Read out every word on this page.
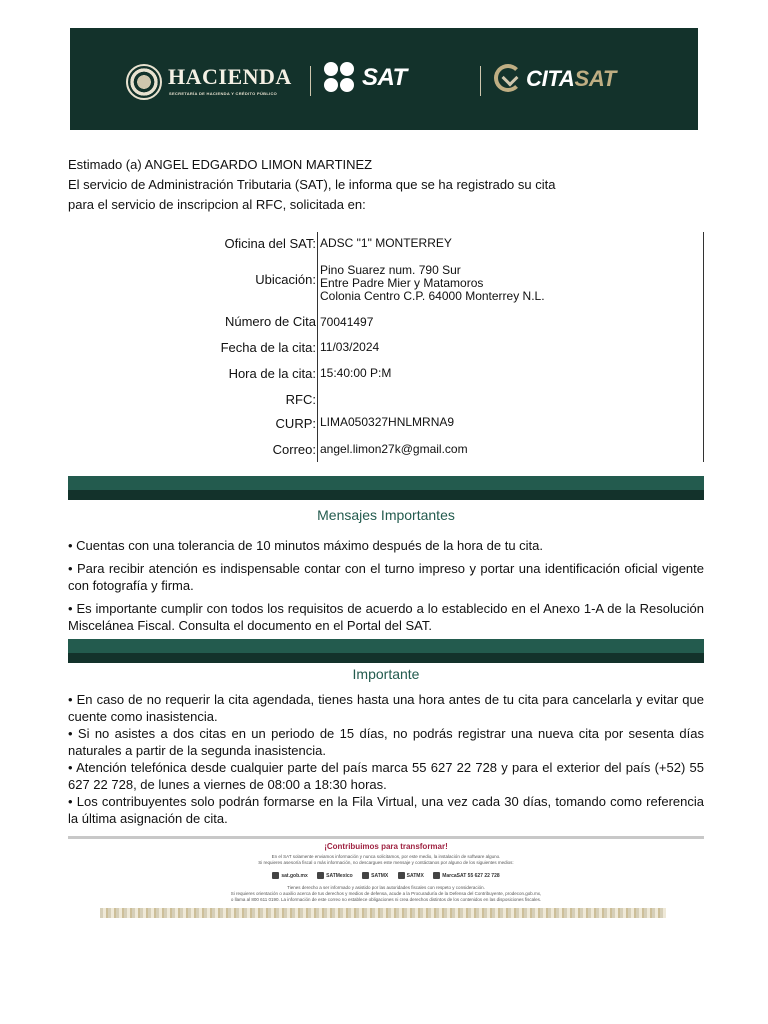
HACIENDA
SECRETARÍA DE HACIENDA Y CRÉDITO PÚBLICO
SAT	CITASAT

Estimado (a) ANGEL EDGARDO LIMON MARTINEZ

El servicio de Administración Tributaria (SAT), le informa que se ha registrado su cita

para el servicio de inscripcion al RFC, solicitada en:

Oficina del SAT: ADSC "1" MONTERREY
Ubicación:
Pino Suarez num. 790 Sur
Entre Padre Mier y Matamoros
Colonia Centro C.P. 64000 Monterrey N.L.
Número de Cita 70041497
Fecha de la cita: 11/03/2024
Hora de la cita: 15:40:00 P:M
RFC:
CURP: LIMA050327HNLMRNA9
Correo: angel.limon27k@gmail.com
Mensajes Importantes

• Cuentas con una tolerancia de 10 minutos máximo después de la hora de tu cita.

• Para recibir atención es indispensable contar con el turno impreso y portar una identificación oficial vigente con fotografía y firma.

• Es importante cumplir con todos los requisitos de acuerdo a lo establecido en el Anexo 1-A de la Resolución Miscelánea Fiscal. Consulta el documento en el Portal del SAT.

Importante

• En caso de no requerir la cita agendada, tienes hasta una hora antes de tu cita para cancelarla y evitar que cuente como inasistencia.

• Si no asistes a dos citas en un periodo de 15 días, no podrás registrar una nueva cita por sesenta días naturales a partir de la segunda inasistencia.

• Atención telefónica desde cualquier parte del país marca 55 627 22 728 y para el exterior del país (+52) 55 627 22 728, de lunes a viernes de 08:00 a 18:30 horas.

• Los contribuyentes solo podrán formarse en la Fila Virtual, una vez cada 30 días, tomando como referencia la última asignación de cita.

¡Contribuimos para transformar!
En el SAT solamente enviamos información y nunca solicitamos, por este medio, la instalación de software alguno.
Si requieres asesoría fiscal o más información, no descargues este mensaje y contáctanos por alguno de los siguientes medios:
sat.gob.mx	SATMexico	SATMX	SATMX	MarcaSAT 55 627 22 728
Tienes derecho a ser informado y asistido por las autoridades fiscales con respeto y consideración.
Si requieres orientación o auxilio acerca de tus derechos y medios de defensa, acude a la Procuraduría de la Defensa del Contribuyente, prodecon.gob.mx,
o llama al 800 611 0190. La información de este correo no establece obligaciones ni crea derechos distintos de los contenidos en las disposiciones fiscales.
